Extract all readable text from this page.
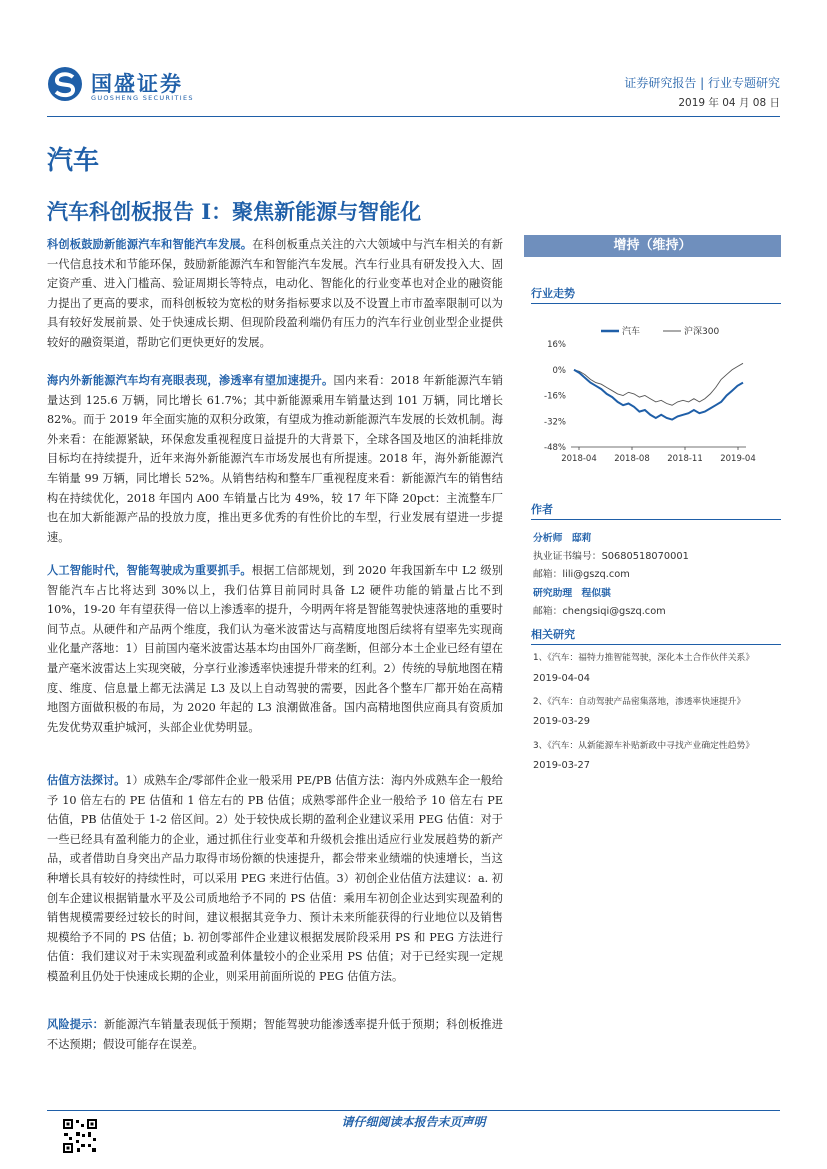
国盛证券
GUOSHENG SECURITIES
证券研究报告 | 行业专题研究
2019 年 04 月 08 日
汽车
汽车科创板报告 I：聚焦新能源与智能化
科创板鼓励新能源汽车和智能汽车发展。在科创板重点关注的六大领域中与汽车相关的有新一代信息技术和节能环保，鼓励新能源汽车和智能汽车发展。汽车行业具有研发投入大、固定资产重、进入门槛高、验证周期长等特点，电动化、智能化的行业变革也对企业的融资能力提出了更高的要求，而科创板较为宽松的财务指标要求以及不设置上市市盈率限制可以为具有较好发展前景、处于快速成长期、但现阶段盈利端仍有压力的汽车行业创业型企业提供较好的融资渠道，帮助它们更快更好的发展。
海内外新能源汽车均有亮眼表现，渗透率有望加速提升。国内来看：2018 年新能源汽车销量达到 125.6 万辆，同比增长 61.7%；其中新能源乘用车销量达到 101 万辆，同比增长 82%。而于 2019 年全面实施的双积分政策，有望成为推动新能源汽车发展的长效机制。海外来看：在能源紧缺，环保愈发重视程度日益提升的大背景下，全球各国及地区的油耗排放目标均在持续提升，近年来海外新能源汽车市场发展也有所提速。2018 年，海外新能源汽车销量 99 万辆，同比增长 52%。从销售结构和整车厂重视程度来看：新能源汽车的销售结构在持续优化，2018 年国内 A00 车销量占比为 49%，较 17 年下降 20pct：主流整车厂也在加大新能源产品的投放力度，推出更多优秀的有性价比的车型，行业发展有望进一步提速。
人工智能时代，智能驾驶成为重要抓手。根据工信部规划，到 2020 年我国新车中 L2 级别智能汽车占比将达到 30%以上，我们估算目前同时具备 L2 硬件功能的销量占比不到 10%，19-20 年有望获得一倍以上渗透率的提升，今明两年将是智能驾驶快速落地的重要时间节点。从硬件和产品两个维度，我们认为毫米波雷达与高精度地图后续将有望率先实现商业化量产落地：1）目前国内毫米波雷达基本均由国外厂商垄断，但部分本土企业已经有望在量产毫米波雷达上实现突破，分享行业渗透率快速提升带来的红利。2）传统的导航地图在精度、维度、信息量上都无法满足 L3 及以上自动驾驶的需要，因此各个整车厂都开始在高精地图方面做积极的布局，为 2020 年起的 L3 浪潮做准备。国内高精地图供应商具有资质加先发优势双重护城河，头部企业优势明显。
估值方法探讨。1）成熟车企/零部件企业一般采用 PE/PB 估值方法：海内外成熟车企一般给予 10 倍左右的 PE 估值和 1 倍左右的 PB 估值；成熟零部件企业一般给予 10 倍左右 PE 估值，PB 估值处于 1-2 倍区间。2）处于较快成长期的盈利企业建议采用 PEG 估值：对于一些已经具有盈利能力的企业，通过抓住行业变革和升级机会推出适应行业发展趋势的新产品，或者借助自身突出产品力取得市场份额的快速提升，都会带来业绩端的快速增长，当这种增长具有较好的持续性时，可以采用 PEG 来进行估值。3）初创企业估值方法建议：a. 初创车企建议根据销量水平及公司质地给予不同的 PS 估值：乘用车初创企业达到实现盈利的销售规模需要经过较长的时间，建议根据其竞争力、预计未来所能获得的行业地位以及销售规模给予不同的 PS 估值；b. 初创零部件企业建议根据发展阶段采用 PS 和 PEG 方法进行估值：我们建议对于未实现盈利或盈利体量较小的企业采用 PS 估值；对于已经实现一定规模盈利且仍处于快速成长期的企业，则采用前面所说的 PEG 估值方法。
风险提示：新能源汽车销量表现低于预期；智能驾驶功能渗透率提升低于预期；科创板推进不达预期；假设可能存在误差。
增持（维持）
行业走势
汽车	沪深300
16%
0%
-16%
-32%
-48%
2018-04 2018-08 2018-11 2019-04
作者
分析师 邸莉
执业证书编号：S0680518070001
邮箱：lili@gszq.com
研究助理 程似骐
邮箱：chengsiqi@gszq.com
相关研究
1、《汽车：福特力推智能驾驶，深化本土合作伙伴关系》
2019-04-04
2、《汽车：自动驾驶产品密集落地，渗透率快速提升》
2019-03-29
3、《汽车：从新能源车补贴新政中寻找产业确定性趋势》
2019-03-27
请仔细阅读本报告末页声明
